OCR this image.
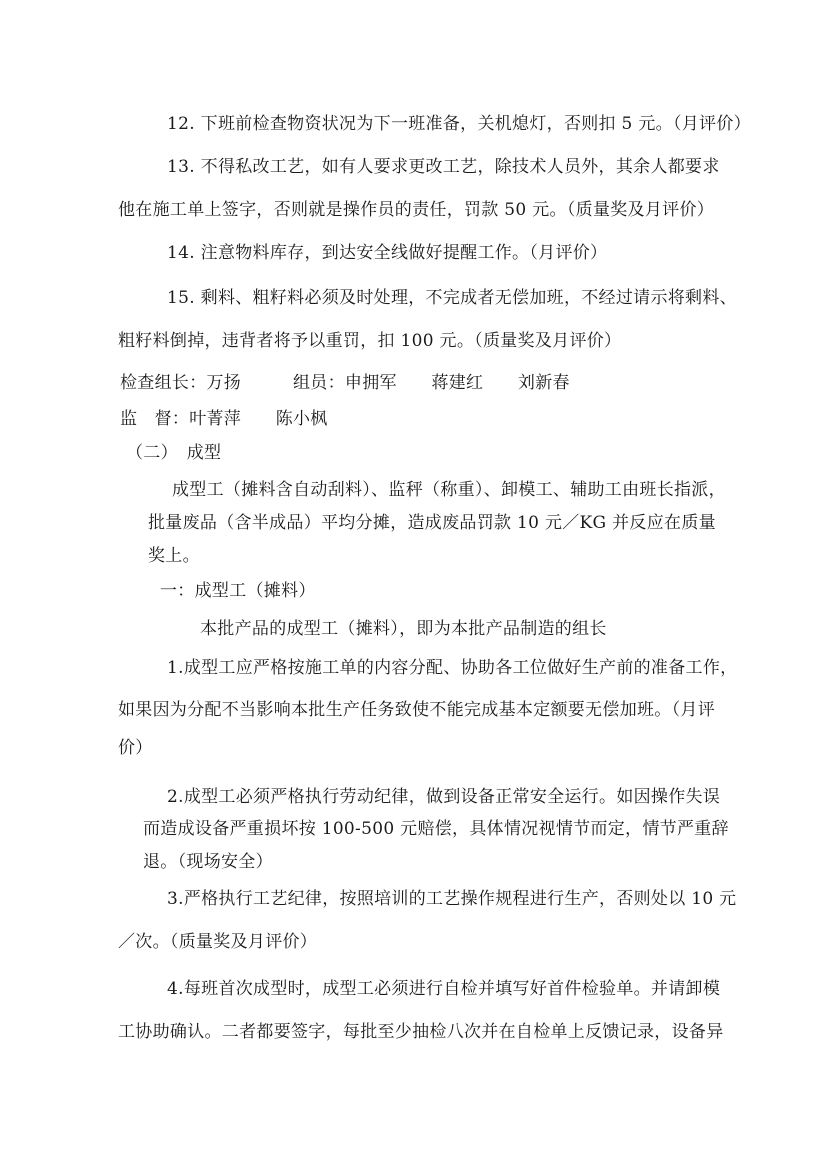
​
12. 下班前检查物资状况为下一班准备，关机熄灯，否则扣 5 元。（月评价）
13. 不得私改工艺，如有人要求更改工艺，除技术人员外，其余人都要求
他在施工单上签字，否则就是操作员的责任，罚款 50 元。（质量奖及月评价）
14. 注意物料库存，到达安全线做好提醒工作。（月评价）
15. 剩料、粗籽料必须及时处理，不完成者无偿加班，不经过请示将剩料、
粗籽料倒掉，违背者将予以重罚，扣 100 元。（质量奖及月评价）
检查组长：万扬　　　组员：申拥军　　蒋建红　　刘新春
监　督：叶菁萍　　陈小枫
（二）　成型
成型工（摊料含自动刮料）、监秤（称重）、卸模工、辅助工由班长指派，
批量废品（含半成品）平均分摊，造成废品罚款 10 元／KG 并反应在质量
奖上。
一：成型工（摊料）
本批产品的成型工（摊料），即为本批产品制造的组长
1.成型工应严格按施工单的内容分配、协助各工位做好生产前的准备工作，
如果因为分配不当影响本批生产任务致使不能完成基本定额要无偿加班。（月评
价）
2.成型工必须严格执行劳动纪律，做到设备正常安全运行。如因操作失误
而造成设备严重损坏按 100-500 元赔偿，具体情况视情节而定，情节严重辞
退。（现场安全）
3.严格执行工艺纪律，按照培训的工艺操作规程进行生产，否则处以 10 元
／次。（质量奖及月评价）
4.每班首次成型时，成型工必须进行自检并填写好首件检验单。并请卸模
工协助确认。二者都要签字，每批至少抽检八次并在自检单上反馈记录，设备异
